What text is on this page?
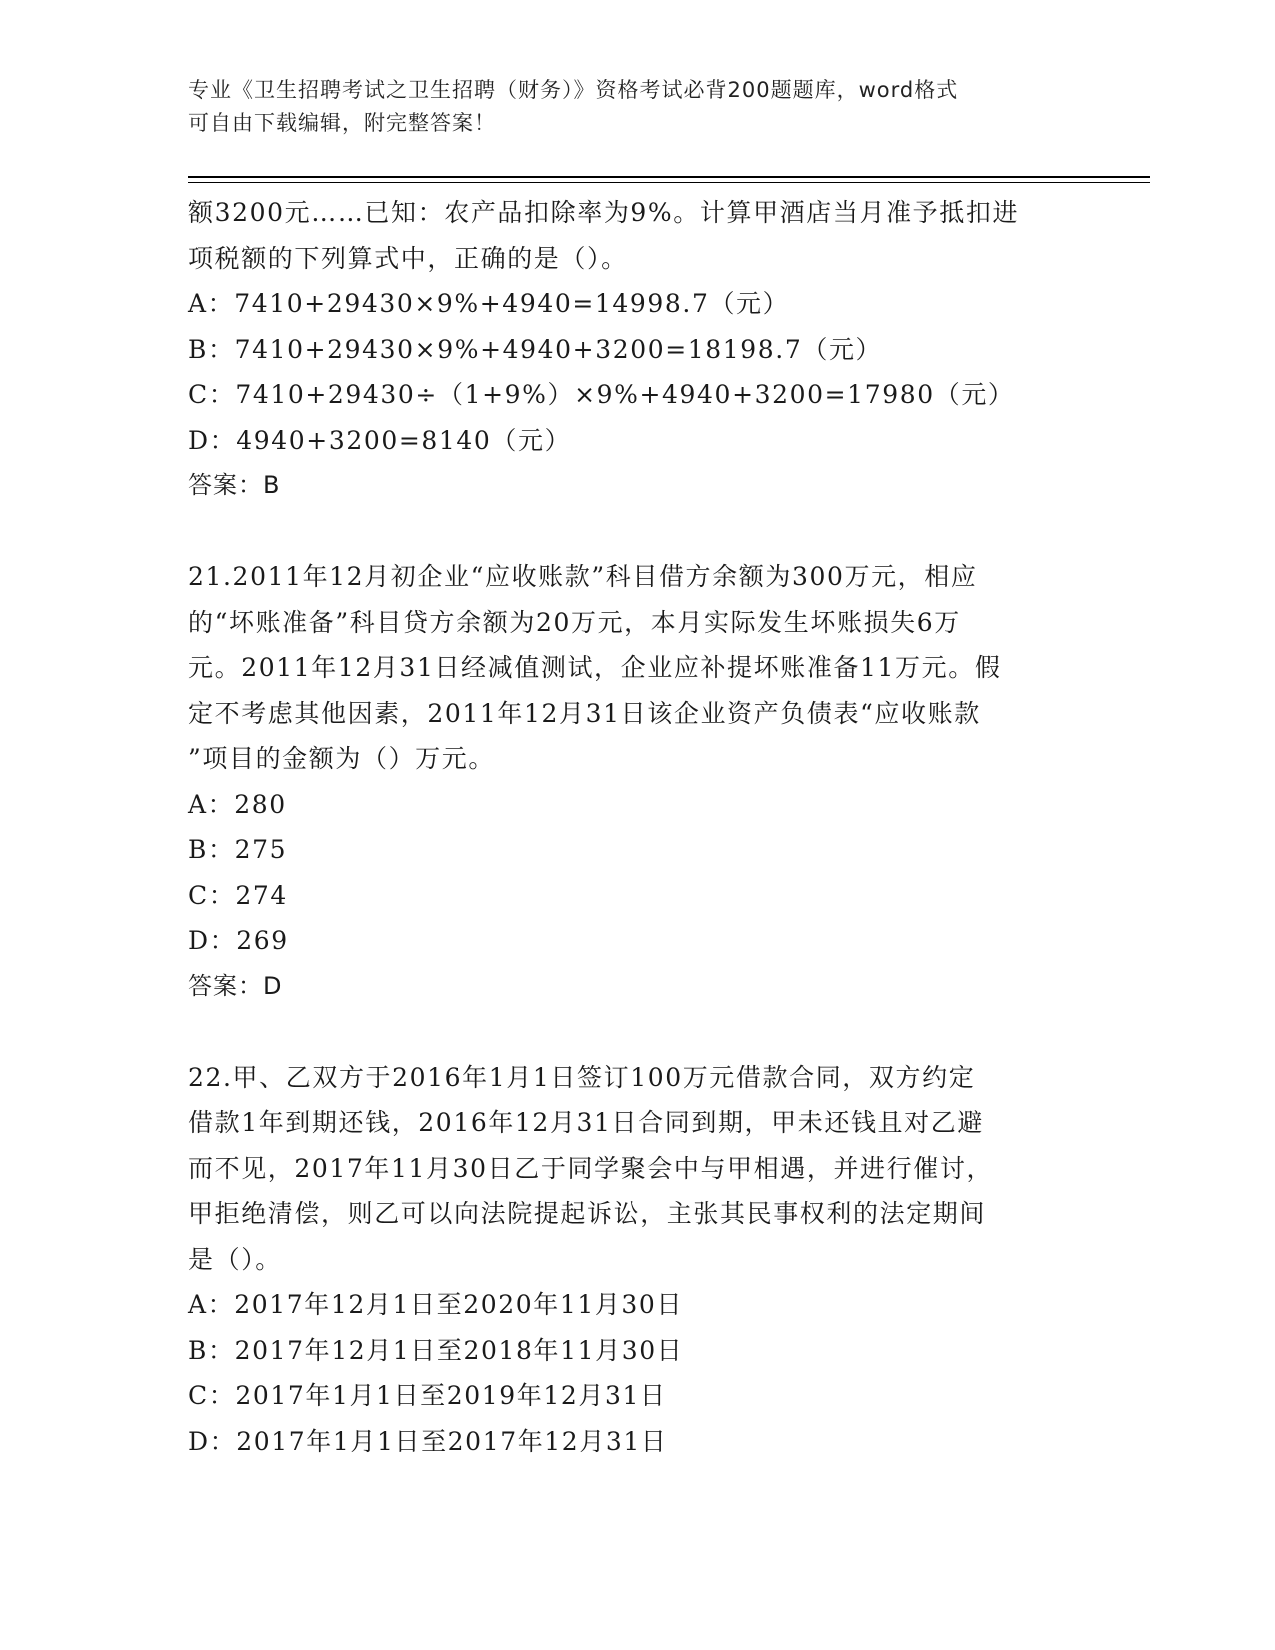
专业《卫生招聘考试之卫生招聘（财务）》资格考试必背200题题库，word格式
可自由下载编辑，附完整答案！

额3200元……已知：农产品扣除率为9%。计算甲酒店当月准予抵扣进

项税额的下列算式中，正确的是（）。

A：7410+29430×9%+4940=14998.7（元）

B：7410+29430×9%+4940+3200=18198.7（元）

C：7410+29430÷（1+9%）×9%+4940+3200=17980（元）

D：4940+3200=8140（元）

答案：B

21.2011年12月初企业“应收账款”科目借方余额为300万元，相应

的“坏账准备”科目贷方余额为20万元，本月实际发生坏账损失6万

元。2011年12月31日经减值测试，企业应补提坏账准备11万元。假

定不考虑其他因素，2011年12月31日该企业资产负债表“应收账款

”项目的金额为（）万元。

A：280

B：275

C：274

D：269

答案：D

22.甲、乙双方于2016年1月1日签订100万元借款合同，双方约定

借款1年到期还钱，2016年12月31日合同到期，甲未还钱且对乙避

而不见，2017年11月30日乙于同学聚会中与甲相遇，并进行催讨，

甲拒绝清偿，则乙可以向法院提起诉讼，主张其民事权利的法定期间

是（）。

A：2017年12月1日至2020年11月30日

B：2017年12月1日至2018年11月30日

C：2017年1月1日至2019年12月31日

D：2017年1月1日至2017年12月31日
